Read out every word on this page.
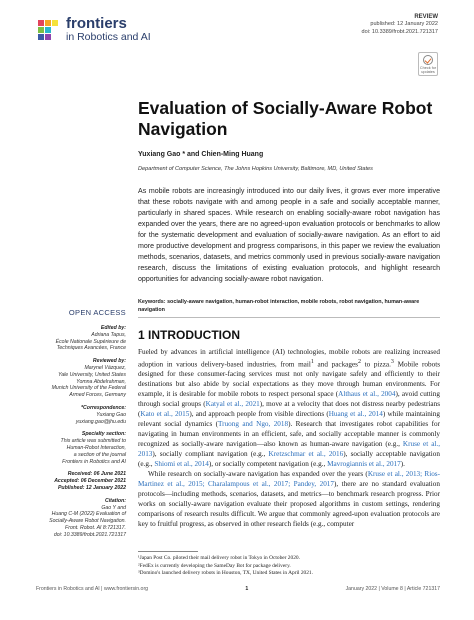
frontiers
in Robotics and AI
REVIEW
published: 12 January 2022
doi: 10.3389/frobt.2021.721317
Check for updates
Evaluation of Socially-Aware Robot Navigation
Yuxiang Gao * and Chien-Ming Huang
Department of Computer Science, The Johns Hopkins University, Baltimore, MD, United States
As mobile robots are increasingly introduced into our daily lives, it grows ever more imperative that these robots navigate with and among people in a safe and socially acceptable manner, particularly in shared spaces. While research on enabling socially-aware robot navigation has expanded over the years, there are no agreed-upon evaluation protocols or benchmarks to allow for the systematic development and evaluation of socially-aware navigation. As an effort to aid more productive development and progress comparisons, in this paper we review the evaluation methods, scenarios, datasets, and metrics commonly used in previous socially-aware navigation research, discuss the limitations of existing evaluation protocols, and highlight research opportunities for advancing socially-aware robot navigation.
Keywords: socially-aware navigation, human-robot interaction, mobile robots, robot navigation, human-aware navigation
OPEN ACCESS
Edited by:
Adriana Tapus,
École Nationale Supérieure de
Techniques Avancées, France
Reviewed by:
Marynel Vázquez,
Yale University, United States
Yomna Abdelrahman,
Munich University of the Federal
Armed Forces, Germany
*Correspondence:
Yuxiang Gao
yuxiang.gao@jhu.edu
Specialty section:
This article was submitted to
Human-Robot Interaction,
a section of the journal
Frontiers in Robotics and AI
Received: 06 June 2021
Accepted: 06 December 2021
Published: 12 January 2022
Citation:
Gao Y and
Huang C-M (2022) Evaluation of
Socially-Aware Robot Navigation.
Front. Robot. AI 8:721317.
doi: 10.3389/frobt.2021.721317
1 INTRODUCTION

Fueled by advances in artificial intelligence (AI) technologies, mobile robots are realizing increased adoption in various delivery-based industries, from mail$^1$ and packages$^2$ to pizza.$^3$ Mobile robots designed for these consumer-facing services must not only navigate safely and efficiently to their destinations but also abide by social expectations as they move through human environments. For example, it is desirable for mobile robots to respect personal space (Althaus et al., 2004), avoid cutting through social groups (Katyal et al., 2021), move at a velocity that does not distress nearby pedestrians (Kato et al., 2015), and approach people from visible directions (Huang et al., 2014) while maintaining relevant social dynamics (Truong and Ngo, 2018). Research that investigates robot capabilities for navigating in human environments in an efficient, safe, and socially acceptable manner is commonly recognized as socially-aware navigation—also known as human-aware navigation (e.g., Kruse et al., 2013), socially compliant navigation (e.g., Kretzschmar et al., 2016), socially acceptable navigation (e.g., Shiomi et al., 2014), or socially competent navigation (e.g., Mavrogiannis et al., 2017).

While research on socially-aware navigation has expanded over the years (Kruse et al., 2013; Rios-Martinez et al., 2015; Charalampous et al., 2017; Pandey, 2017), there are no standard evaluation protocols—including methods, scenarios, datasets, and metrics—to benchmark research progress. Prior works on socially-aware navigation evaluate their proposed algorithms in custom settings, rendering comparisons of research results difficult. We argue that commonly agreed-upon evaluation protocols are key to fruitful progress, as observed in other research fields (e.g., computer

¹Japan Post Co. piloted their mail delivery robot in Tokyo in October 2020.
²FedEx is currently developing the SameDay Bot for package delivery.
³Domino's launched delivery robots in Houston, TX, United States in April 2021.
Frontiers in Robotics and AI | www.frontiersin.org	1	January 2022 | Volume 8 | Article 721317
